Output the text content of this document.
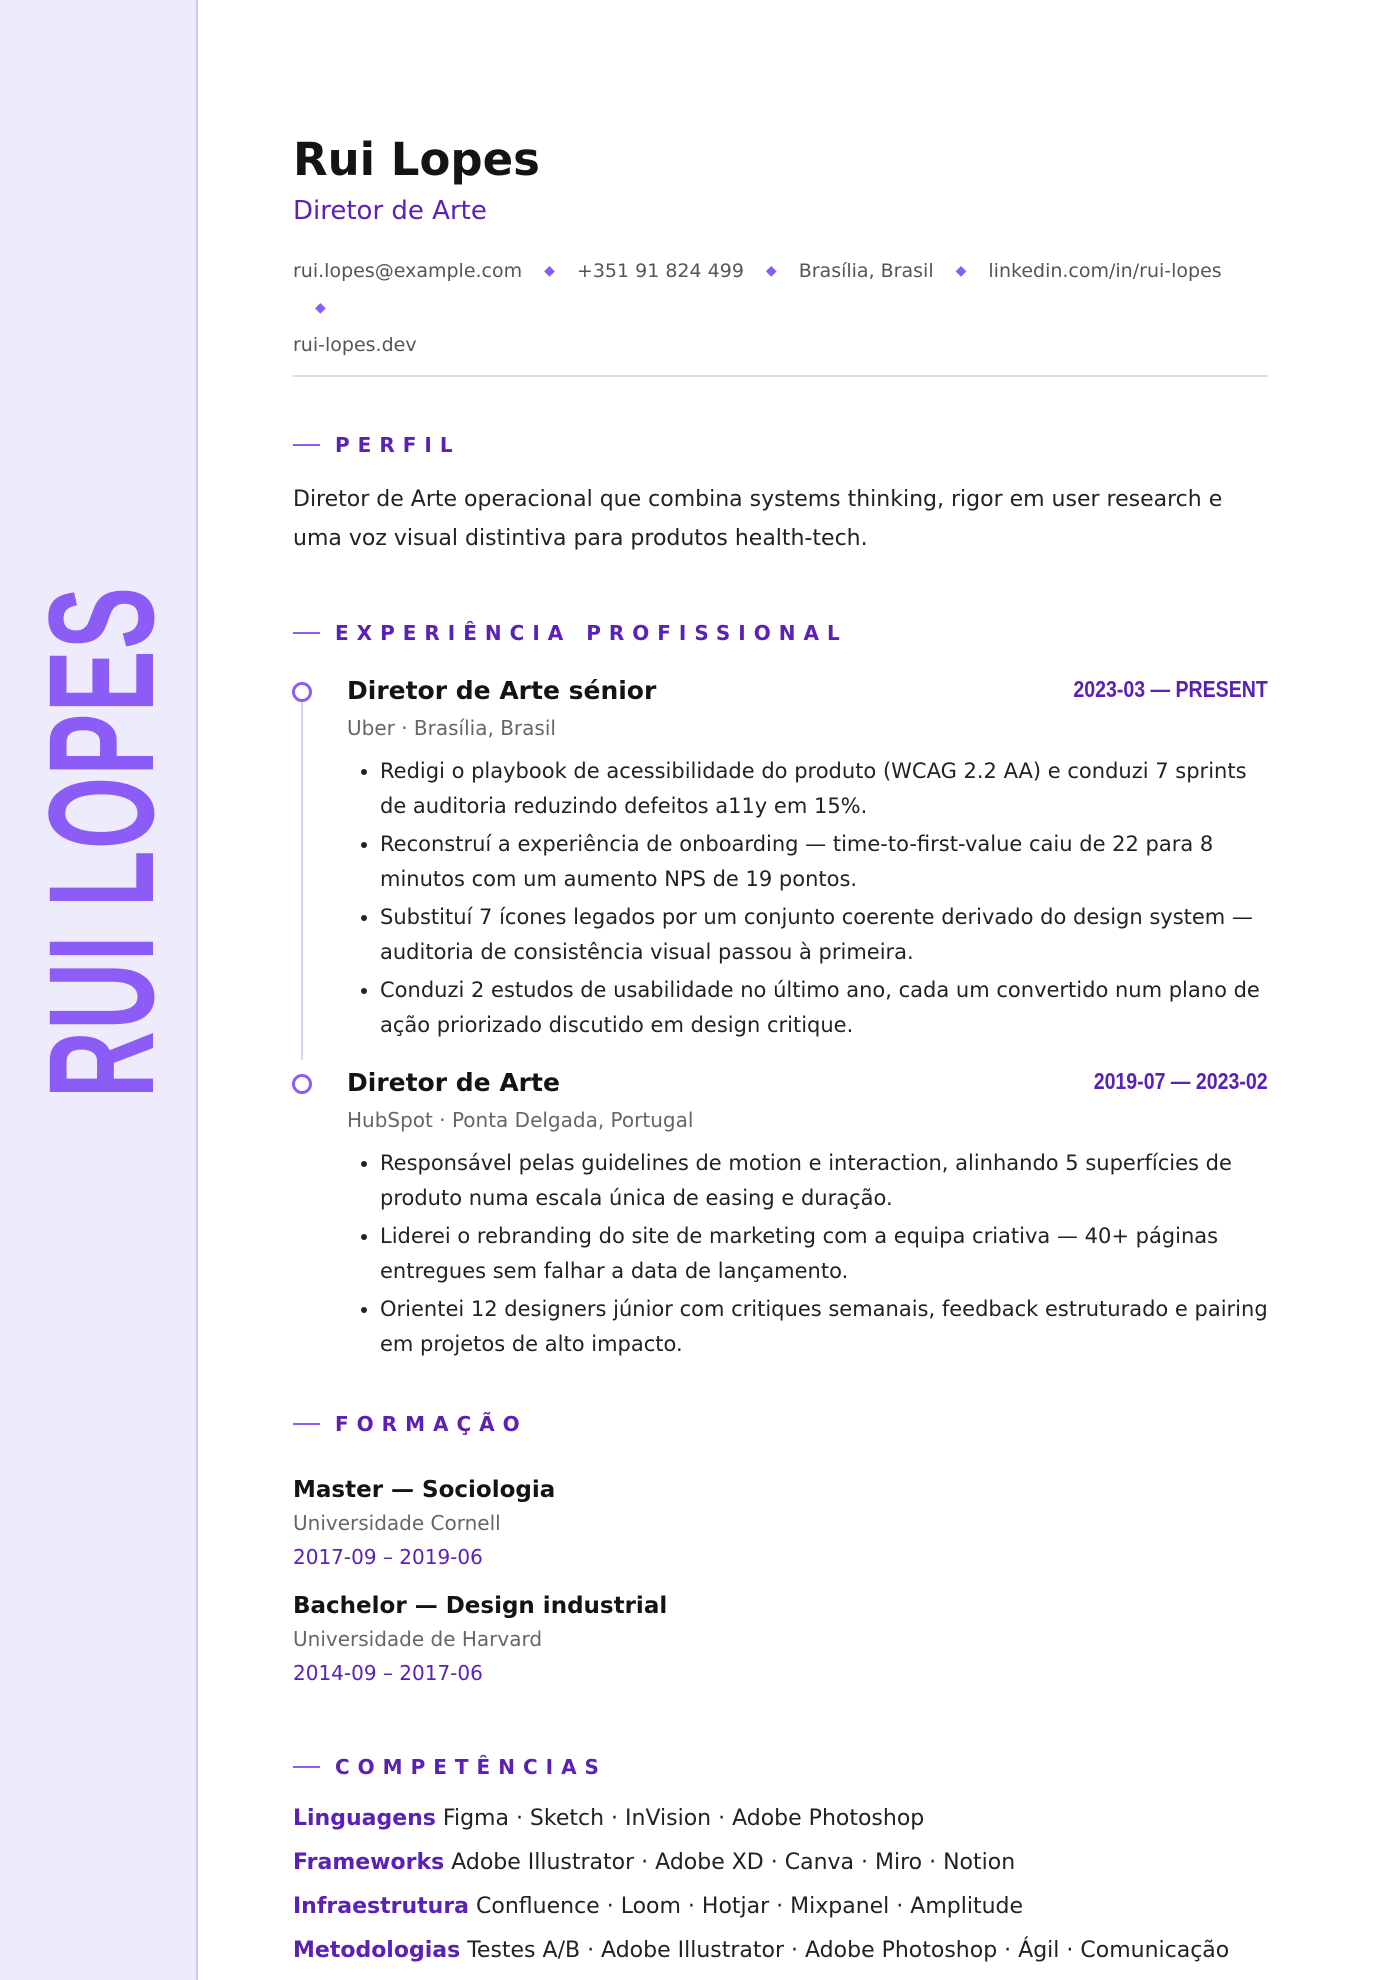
RUI LOPES
Rui Lopes
Diretor de Arte
rui.lopes@example.com ◆ +351 91 824 499 ◆ Brasília, Brasil ◆ linkedin.com/in/rui-lopes◆
rui-lopes.dev
PERFIL

Diretor de Arte operacional que combina systems thinking, rigor em user research e uma voz visual distintiva para produtos health-tech.

EXPERIÊNCIA PROFISSIONAL
Diretor de Arte sénior	2023-03 — PRESENT
Uber · Brasília, Brasil
• Redigi o playbook de acessibilidade do produto (WCAG 2.2 AA) e conduzi 7 sprints de auditoria reduzindo defeitos a11y em 15%.
• Reconstruí a experiência de onboarding — time-to-first-value caiu de 22 para 8 minutos com um aumento NPS de 19 pontos.
• Substituí 7 ícones legados por um conjunto coerente derivado do design system — auditoria de consistência visual passou à primeira.
• Conduzi 2 estudos de usabilidade no último ano, cada um convertido num plano de ação priorizado discutido em design critique.
Diretor de Arte	2019-07 — 2023-02
HubSpot · Ponta Delgada, Portugal
• Responsável pelas guidelines de motion e interaction, alinhando 5 superfícies de produto numa escala única de easing e duração.
• Liderei o rebranding do site de marketing com a equipa criativa — 40+ páginas entregues sem falhar a data de lançamento.
• Orientei 12 designers júnior com critiques semanais, feedback estruturado e pairing em projetos de alto impacto.
FORMAÇÃO
Master — Sociologia
Universidade Cornell
2017-09 – 2019-06
Bachelor — Design industrial
Universidade de Harvard
2014-09 – 2017-06
COMPETÊNCIAS
Linguagens Figma · Sketch · InVision · Adobe Photoshop
Frameworks Adobe Illustrator · Adobe XD · Canva · Miro · Notion
Infraestrutura Confluence · Loom · Hotjar · Mixpanel · Amplitude
Metodologias Testes A/B · Adobe Illustrator · Adobe Photoshop · Ágil · Comunicação
